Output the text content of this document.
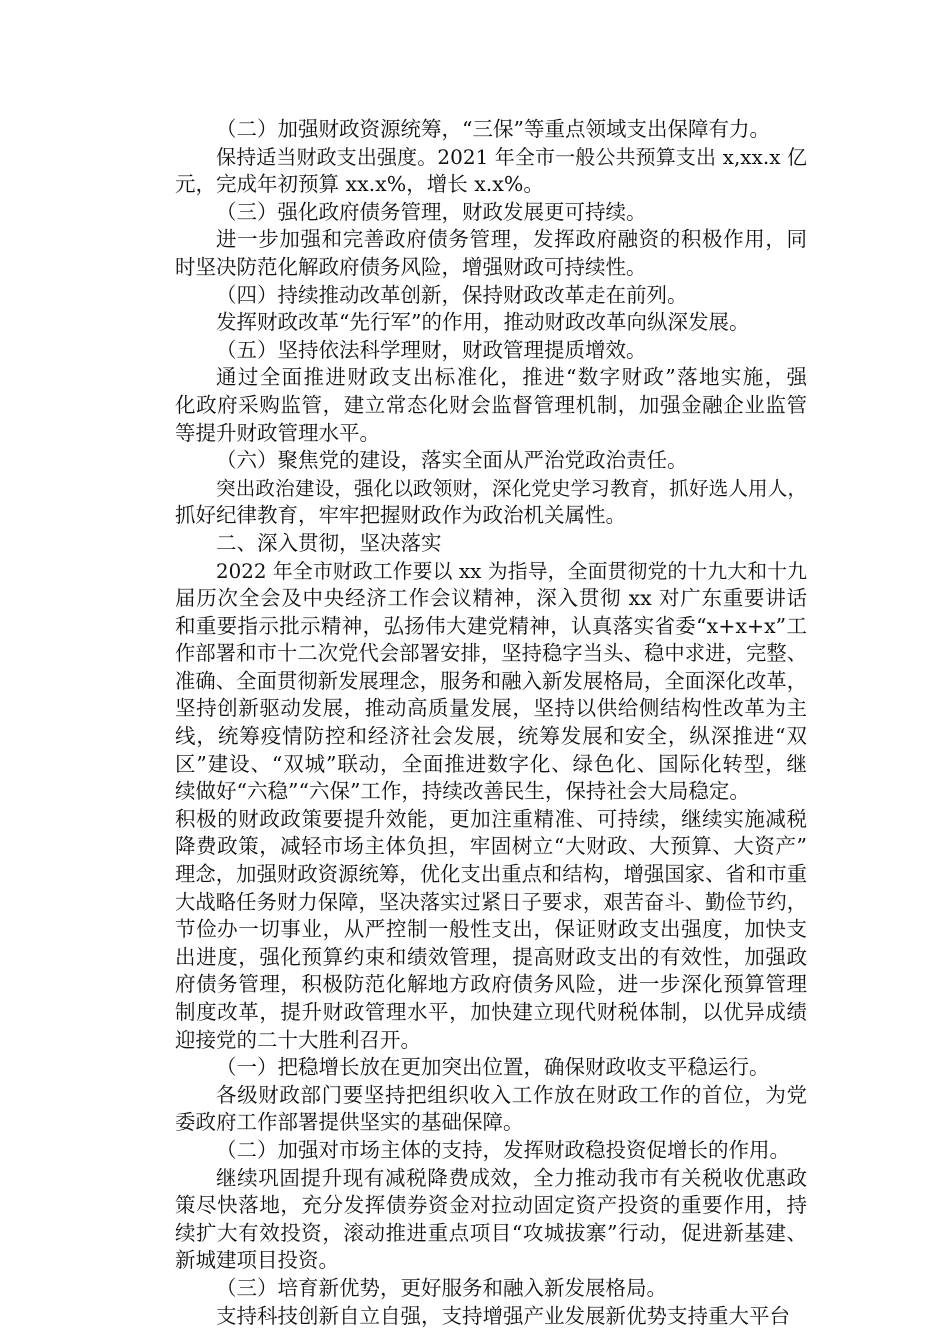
（二）加强财政资源统筹，“三保”等重点领域支出保障有力。
保持适当财政支出强度。2021 年全市一般公共预算支出 x,xx.x 亿
元，完成年初预算 xx.x%，增长 x.x%。
（三）强化政府债务管理，财政发展更可持续。
进一步加强和完善政府债务管理，发挥政府融资的积极作用，同
时坚决防范化解政府债务风险，增强财政可持续性。
（四）持续推动改革创新，保持财政改革走在前列。
发挥财政改革“先行军”的作用，推动财政改革向纵深发展。
（五）坚持依法科学理财，财政管理提质增效。
通过全面推进财政支出标准化，推进“数字财政”落地实施，强
化政府采购监管，建立常态化财会监督管理机制，加强金融企业监管
等提升财政管理水平。
（六）聚焦党的建设，落实全面从严治党政治责任。
突出政治建设，强化以政领财，深化党史学习教育，抓好选人用人，
抓好纪律教育，牢牢把握财政作为政治机关属性。
二、深入贯彻，坚决落实
2022 年全市财政工作要以 xx 为指导，全面贯彻党的十九大和十九
届历次全会及中央经济工作会议精神，深入贯彻 xx 对广东重要讲话
和重要指示批示精神，弘扬伟大建党精神，认真落实省委“x+x+x”工
作部署和市十二次党代会部署安排，坚持稳字当头、稳中求进，完整、
准确、全面贯彻新发展理念，服务和融入新发展格局，全面深化改革，
坚持创新驱动发展，推动高质量发展，坚持以供给侧结构性改革为主
线，统筹疫情防控和经济社会发展，统筹发展和安全，纵深推进“双
区”建设、“双城”联动，全面推进数字化、绿色化、国际化转型，继
续做好“六稳”“六保”工作，持续改善民生，保持社会大局稳定。
积极的财政政策要提升效能，更加注重精准、可持续，继续实施减税
降费政策，减轻市场主体负担，牢固树立“大财政、大预算、大资产”
理念，加强财政资源统筹，优化支出重点和结构，增强国家、省和市重
大战略任务财力保障，坚决落实过紧日子要求，艰苦奋斗、勤俭节约，
节俭办一切事业，从严控制一般性支出，保证财政支出强度，加快支
出进度，强化预算约束和绩效管理，提高财政支出的有效性，加强政
府债务管理，积极防范化解地方政府债务风险，进一步深化预算管理
制度改革，提升财政管理水平，加快建立现代财税体制，以优异成绩
迎接党的二十大胜利召开。
（一）把稳增长放在更加突出位置，确保财政收支平稳运行。
各级财政部门要坚持把组织收入工作放在财政工作的首位，为党
委政府工作部署提供坚实的基础保障。
（二）加强对市场主体的支持，发挥财政稳投资促增长的作用。
继续巩固提升现有减税降费成效，全力推动我市有关税收优惠政
策尽快落地，充分发挥债券资金对拉动固定资产投资的重要作用，持
续扩大有效投资，滚动推进重点项目“攻城拔寨”行动，促进新基建、
新城建项目投资。
（三）培育新优势，更好服务和融入新发展格局。
支持科技创新自立自强，支持增强产业发展新优势支持重大平台
